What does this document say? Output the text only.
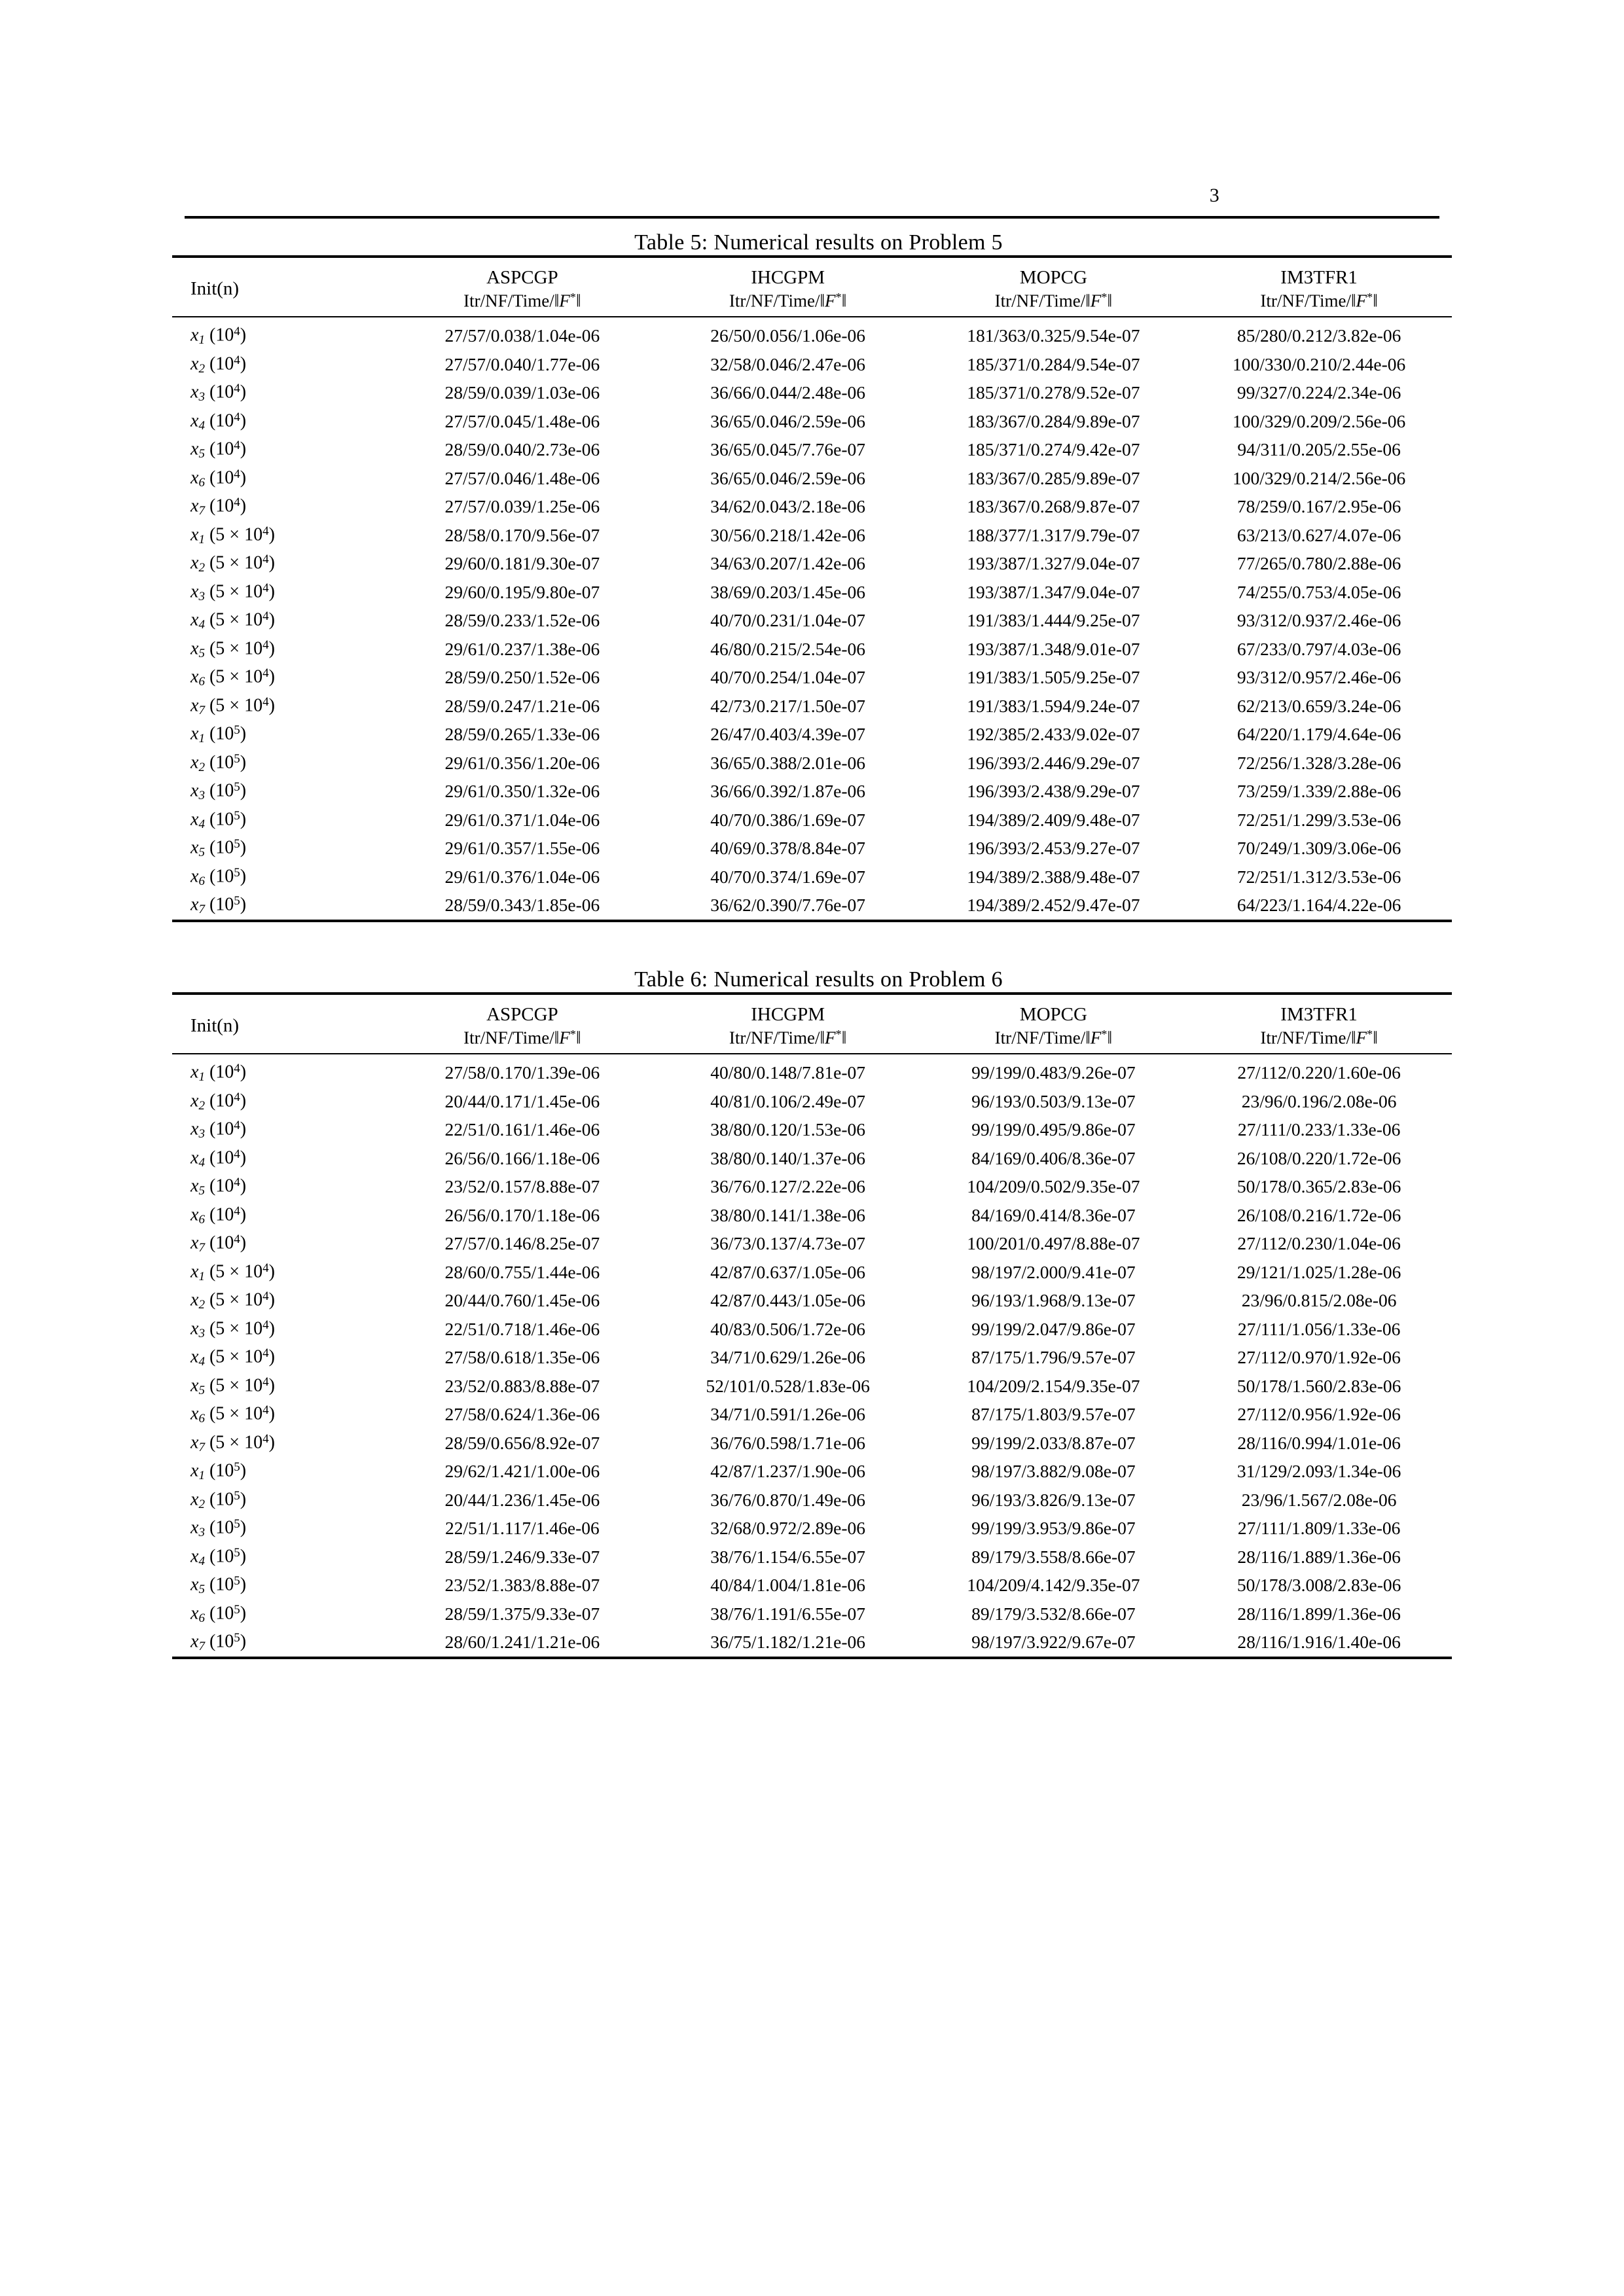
3
Table 5: Numerical results on Problem 5

Init(n)	ASPCGP	IHCGPM	MOPCG	IM3TFR1
	Itr/NF/Time/‖F*‖	Itr/NF/Time/‖F*‖	Itr/NF/Time/‖F*‖	Itr/NF/Time/‖F*‖

$x_1$ $(10^4)$	27/57/0.038/1.04e-06	26/50/0.056/1.06e-06	181/363/0.325/9.54e-07	85/280/0.212/3.82e-06
$x_2$ $(10^4)$	27/57/0.040/1.77e-06	32/58/0.046/2.47e-06	185/371/0.284/9.54e-07	100/330/0.210/2.44e-06
$x_3$ $(10^4)$	28/59/0.039/1.03e-06	36/66/0.044/2.48e-06	185/371/0.278/9.52e-07	99/327/0.224/2.34e-06
$x_4$ $(10^4)$	27/57/0.045/1.48e-06	36/65/0.046/2.59e-06	183/367/0.284/9.89e-07	100/329/0.209/2.56e-06
$x_5$ $(10^4)$	28/59/0.040/2.73e-06	36/65/0.045/7.76e-07	185/371/0.274/9.42e-07	94/311/0.205/2.55e-06
$x_6$ $(10^4)$	27/57/0.046/1.48e-06	36/65/0.046/2.59e-06	183/367/0.285/9.89e-07	100/329/0.214/2.56e-06
$x_7$ $(10^4)$	27/57/0.039/1.25e-06	34/62/0.043/2.18e-06	183/367/0.268/9.87e-07	78/259/0.167/2.95e-06
$x_1$ $(5 \times 10^4)$	28/58/0.170/9.56e-07	30/56/0.218/1.42e-06	188/377/1.317/9.79e-07	63/213/0.627/4.07e-06
$x_2$ $(5 \times 10^4)$	29/60/0.181/9.30e-07	34/63/0.207/1.42e-06	193/387/1.327/9.04e-07	77/265/0.780/2.88e-06
$x_3$ $(5 \times 10^4)$	29/60/0.195/9.80e-07	38/69/0.203/1.45e-06	193/387/1.347/9.04e-07	74/255/0.753/4.05e-06
$x_4$ $(5 \times 10^4)$	28/59/0.233/1.52e-06	40/70/0.231/1.04e-07	191/383/1.444/9.25e-07	93/312/0.937/2.46e-06
$x_5$ $(5 \times 10^4)$	29/61/0.237/1.38e-06	46/80/0.215/2.54e-06	193/387/1.348/9.01e-07	67/233/0.797/4.03e-06
$x_6$ $(5 \times 10^4)$	28/59/0.250/1.52e-06	40/70/0.254/1.04e-07	191/383/1.505/9.25e-07	93/312/0.957/2.46e-06
$x_7$ $(5 \times 10^4)$	28/59/0.247/1.21e-06	42/73/0.217/1.50e-07	191/383/1.594/9.24e-07	62/213/0.659/3.24e-06
$x_1$ $(10^5)$	28/59/0.265/1.33e-06	26/47/0.403/4.39e-07	192/385/2.433/9.02e-07	64/220/1.179/4.64e-06
$x_2$ $(10^5)$	29/61/0.356/1.20e-06	36/65/0.388/2.01e-06	196/393/2.446/9.29e-07	72/256/1.328/3.28e-06
$x_3$ $(10^5)$	29/61/0.350/1.32e-06	36/66/0.392/1.87e-06	196/393/2.438/9.29e-07	73/259/1.339/2.88e-06
$x_4$ $(10^5)$	29/61/0.371/1.04e-06	40/70/0.386/1.69e-07	194/389/2.409/9.48e-07	72/251/1.299/3.53e-06
$x_5$ $(10^5)$	29/61/0.357/1.55e-06	40/69/0.378/8.84e-07	196/393/2.453/9.27e-07	70/249/1.309/3.06e-06
$x_6$ $(10^5)$	29/61/0.376/1.04e-06	40/70/0.374/1.69e-07	194/389/2.388/9.48e-07	72/251/1.312/3.53e-06
$x_7$ $(10^5)$	28/59/0.343/1.85e-06	36/62/0.390/7.76e-07	194/389/2.452/9.47e-07	64/223/1.164/4.22e-06

Table 6: Numerical results on Problem 6

Init(n)	ASPCGP	IHCGPM	MOPCG	IM3TFR1
	Itr/NF/Time/‖F*‖	Itr/NF/Time/‖F*‖	Itr/NF/Time/‖F*‖	Itr/NF/Time/‖F*‖

$x_1$ $(10^4)$	27/58/0.170/1.39e-06	40/80/0.148/7.81e-07	99/199/0.483/9.26e-07	27/112/0.220/1.60e-06
$x_2$ $(10^4)$	20/44/0.171/1.45e-06	40/81/0.106/2.49e-07	96/193/0.503/9.13e-07	23/96/0.196/2.08e-06
$x_3$ $(10^4)$	22/51/0.161/1.46e-06	38/80/0.120/1.53e-06	99/199/0.495/9.86e-07	27/111/0.233/1.33e-06
$x_4$ $(10^4)$	26/56/0.166/1.18e-06	38/80/0.140/1.37e-06	84/169/0.406/8.36e-07	26/108/0.220/1.72e-06
$x_5$ $(10^4)$	23/52/0.157/8.88e-07	36/76/0.127/2.22e-06	104/209/0.502/9.35e-07	50/178/0.365/2.83e-06
$x_6$ $(10^4)$	26/56/0.170/1.18e-06	38/80/0.141/1.38e-06	84/169/0.414/8.36e-07	26/108/0.216/1.72e-06
$x_7$ $(10^4)$	27/57/0.146/8.25e-07	36/73/0.137/4.73e-07	100/201/0.497/8.88e-07	27/112/0.230/1.04e-06
$x_1$ $(5 \times 10^4)$	28/60/0.755/1.44e-06	42/87/0.637/1.05e-06	98/197/2.000/9.41e-07	29/121/1.025/1.28e-06
$x_2$ $(5 \times 10^4)$	20/44/0.760/1.45e-06	42/87/0.443/1.05e-06	96/193/1.968/9.13e-07	23/96/0.815/2.08e-06
$x_3$ $(5 \times 10^4)$	22/51/0.718/1.46e-06	40/83/0.506/1.72e-06	99/199/2.047/9.86e-07	27/111/1.056/1.33e-06
$x_4$ $(5 \times 10^4)$	27/58/0.618/1.35e-06	34/71/0.629/1.26e-06	87/175/1.796/9.57e-07	27/112/0.970/1.92e-06
$x_5$ $(5 \times 10^4)$	23/52/0.883/8.88e-07	52/101/0.528/1.83e-06	104/209/2.154/9.35e-07	50/178/1.560/2.83e-06
$x_6$ $(5 \times 10^4)$	27/58/0.624/1.36e-06	34/71/0.591/1.26e-06	87/175/1.803/9.57e-07	27/112/0.956/1.92e-06
$x_7$ $(5 \times 10^4)$	28/59/0.656/8.92e-07	36/76/0.598/1.71e-06	99/199/2.033/8.87e-07	28/116/0.994/1.01e-06
$x_1$ $(10^5)$	29/62/1.421/1.00e-06	42/87/1.237/1.90e-06	98/197/3.882/9.08e-07	31/129/2.093/1.34e-06
$x_2$ $(10^5)$	20/44/1.236/1.45e-06	36/76/0.870/1.49e-06	96/193/3.826/9.13e-07	23/96/1.567/2.08e-06
$x_3$ $(10^5)$	22/51/1.117/1.46e-06	32/68/0.972/2.89e-06	99/199/3.953/9.86e-07	27/111/1.809/1.33e-06
$x_4$ $(10^5)$	28/59/1.246/9.33e-07	38/76/1.154/6.55e-07	89/179/3.558/8.66e-07	28/116/1.889/1.36e-06
$x_5$ $(10^5)$	23/52/1.383/8.88e-07	40/84/1.004/1.81e-06	104/209/4.142/9.35e-07	50/178/3.008/2.83e-06
$x_6$ $(10^5)$	28/59/1.375/9.33e-07	38/76/1.191/6.55e-07	89/179/3.532/8.66e-07	28/116/1.899/1.36e-06
$x_7$ $(10^5)$	28/60/1.241/1.21e-06	36/75/1.182/1.21e-06	98/197/3.922/9.67e-07	28/116/1.916/1.40e-06
